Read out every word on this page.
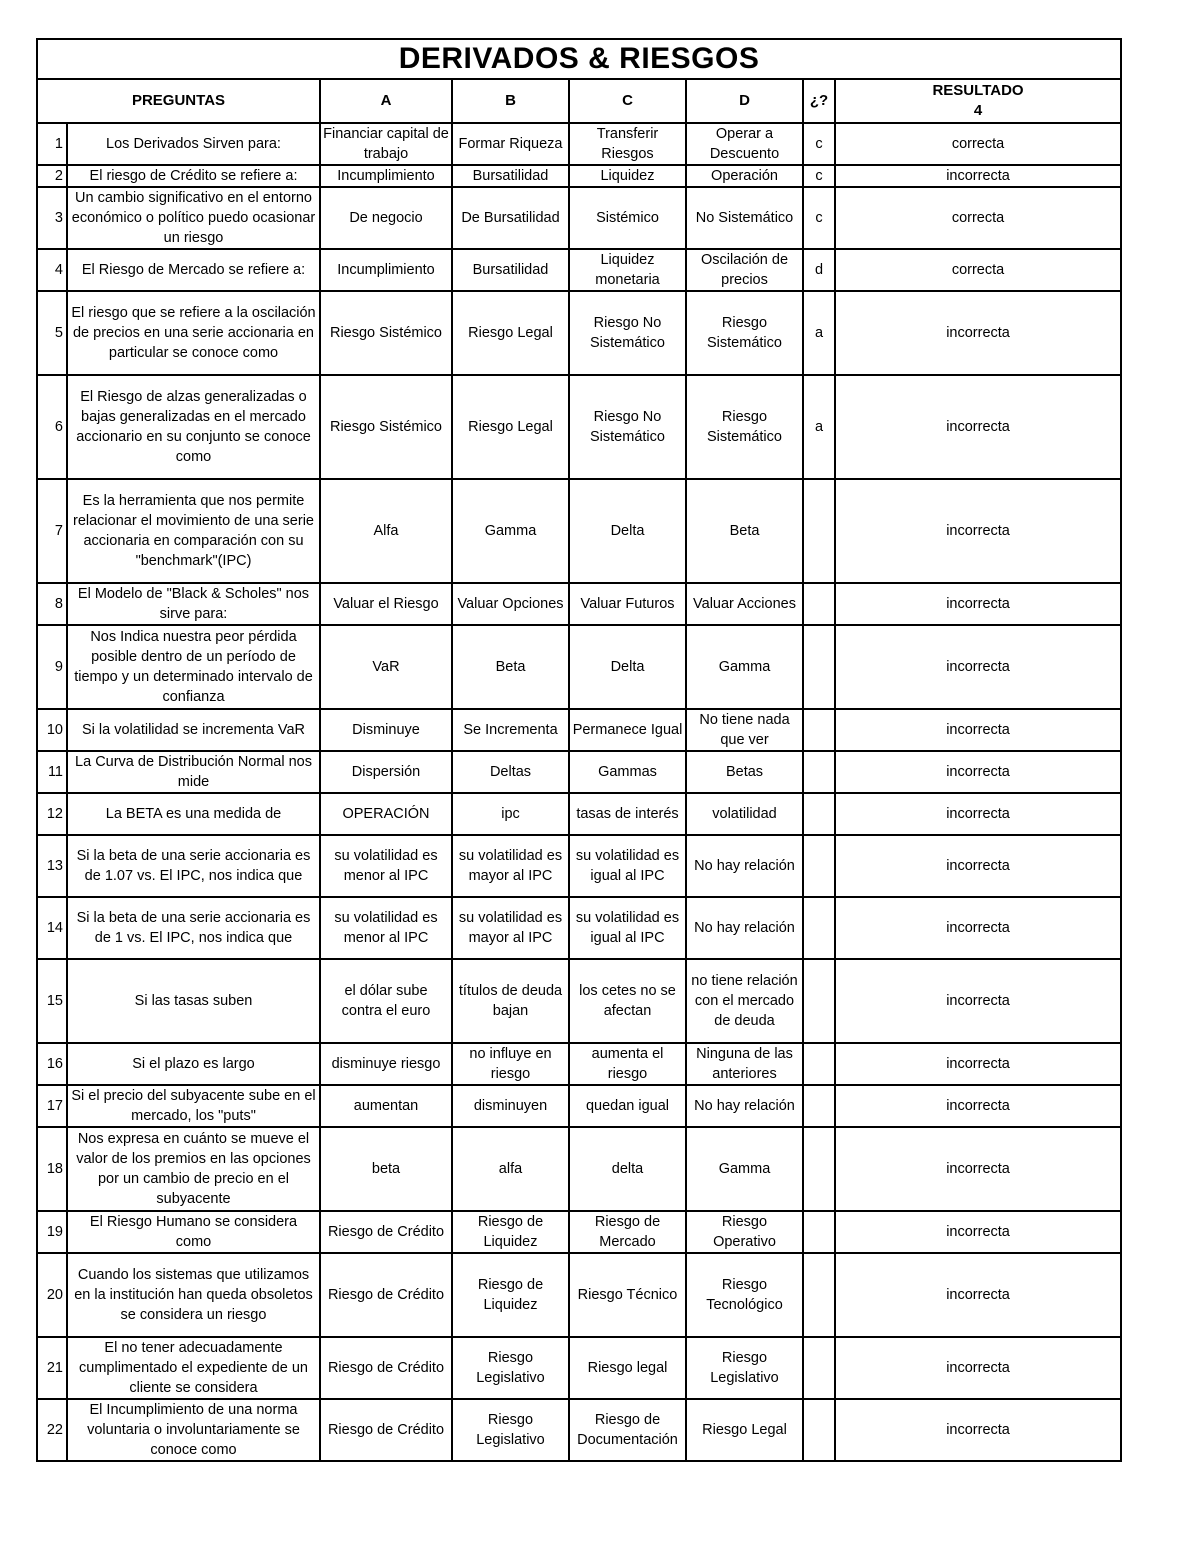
DERIVADOS & RIESGOS							
PREGUNTAS		A	B	C	D	¿?	RESULTADO
4

1	Los Derivados Sirven para:	Financiar capital de trabajo	Formar Riqueza	Transferir Riesgos	Operar a Descuento	c	correcta
2	El riesgo de Crédito se refiere a:	Incumplimiento	Bursatilidad	Liquidez	Operación	c	incorrecta
3	Un cambio significativo en el entorno económico o político puedo ocasionar un riesgo	De negocio	De Bursatilidad	Sistémico	No Sistemático	c	correcta
4	El Riesgo de Mercado se refiere a:	Incumplimiento	Bursatilidad	Liquidez monetaria	Oscilación de precios	d	correcta
5	El riesgo que se refiere a la oscilación de precios en una serie accionaria en particular se conoce como	Riesgo Sistémico	Riesgo Legal	Riesgo No Sistemático	Riesgo Sistemático	a	incorrecta
6	El Riesgo de alzas generalizadas o bajas generalizadas en el mercado accionario en su conjunto se conoce como	Riesgo Sistémico	Riesgo Legal	Riesgo No Sistemático	Riesgo Sistemático	a	incorrecta
7	Es la herramienta que nos permite relacionar el movimiento de una serie accionaria en comparación con su "benchmark"(IPC)	Alfa	Gamma	Delta	Beta		incorrecta
8	El Modelo de "Black & Scholes" nos sirve para:	Valuar el Riesgo	Valuar Opciones	Valuar Futuros	Valuar Acciones		incorrecta
9	Nos Indica nuestra peor pérdida posible dentro de un período de tiempo y un determinado intervalo de confianza	VaR	Beta	Delta	Gamma		incorrecta
10	Si la volatilidad se incrementa VaR	Disminuye	Se Incrementa	Permanece Igual	No tiene nada que ver		incorrecta
11	La Curva de Distribución Normal nos mide	Dispersión	Deltas	Gammas	Betas		incorrecta
12	La BETA es una medida de	OPERACIÓN	ipc	tasas de interés	volatilidad		incorrecta
13	Si la beta de una serie accionaria es de 1.07 vs. El IPC, nos indica que	su volatilidad es menor al IPC	su volatilidad es mayor al IPC	su volatilidad es igual al IPC	No hay relación		incorrecta
14	Si la beta de una serie accionaria es de 1 vs. El IPC, nos indica que	su volatilidad es menor al IPC	su volatilidad es mayor al IPC	su volatilidad es igual al IPC	No hay relación		incorrecta
15	Si las tasas suben	el dólar sube contra el euro	títulos de deuda bajan	los cetes no se afectan	no tiene relación con el mercado de deuda		incorrecta
16	Si el plazo es largo	disminuye riesgo	no influye en riesgo	aumenta el riesgo	Ninguna de las anteriores		incorrecta
17	Si el precio del subyacente sube en el mercado, los "puts"	aumentan	disminuyen	quedan igual	No hay relación		incorrecta
18	Nos expresa en cuánto se mueve el valor de los premios en las opciones por un cambio de precio en el subyacente	beta	alfa	delta	Gamma		incorrecta
19	El Riesgo Humano se considera como	Riesgo de Crédito	Riesgo de Liquidez	Riesgo de Mercado	Riesgo Operativo		incorrecta
20	Cuando los sistemas que utilizamos en la institución han queda obsoletos se considera un riesgo	Riesgo de Crédito	Riesgo de Liquidez	Riesgo Técnico	Riesgo Tecnológico		incorrecta
21	El no tener adecuadamente cumplimentado el expediente de un cliente se considera	Riesgo de Crédito	Riesgo Legislativo	Riesgo legal	Riesgo Legislativo		incorrecta
22	El Incumplimiento de una norma voluntaria o involuntariamente se conoce como	Riesgo de Crédito	Riesgo Legislativo	Riesgo de Documentación	Riesgo Legal		incorrecta
